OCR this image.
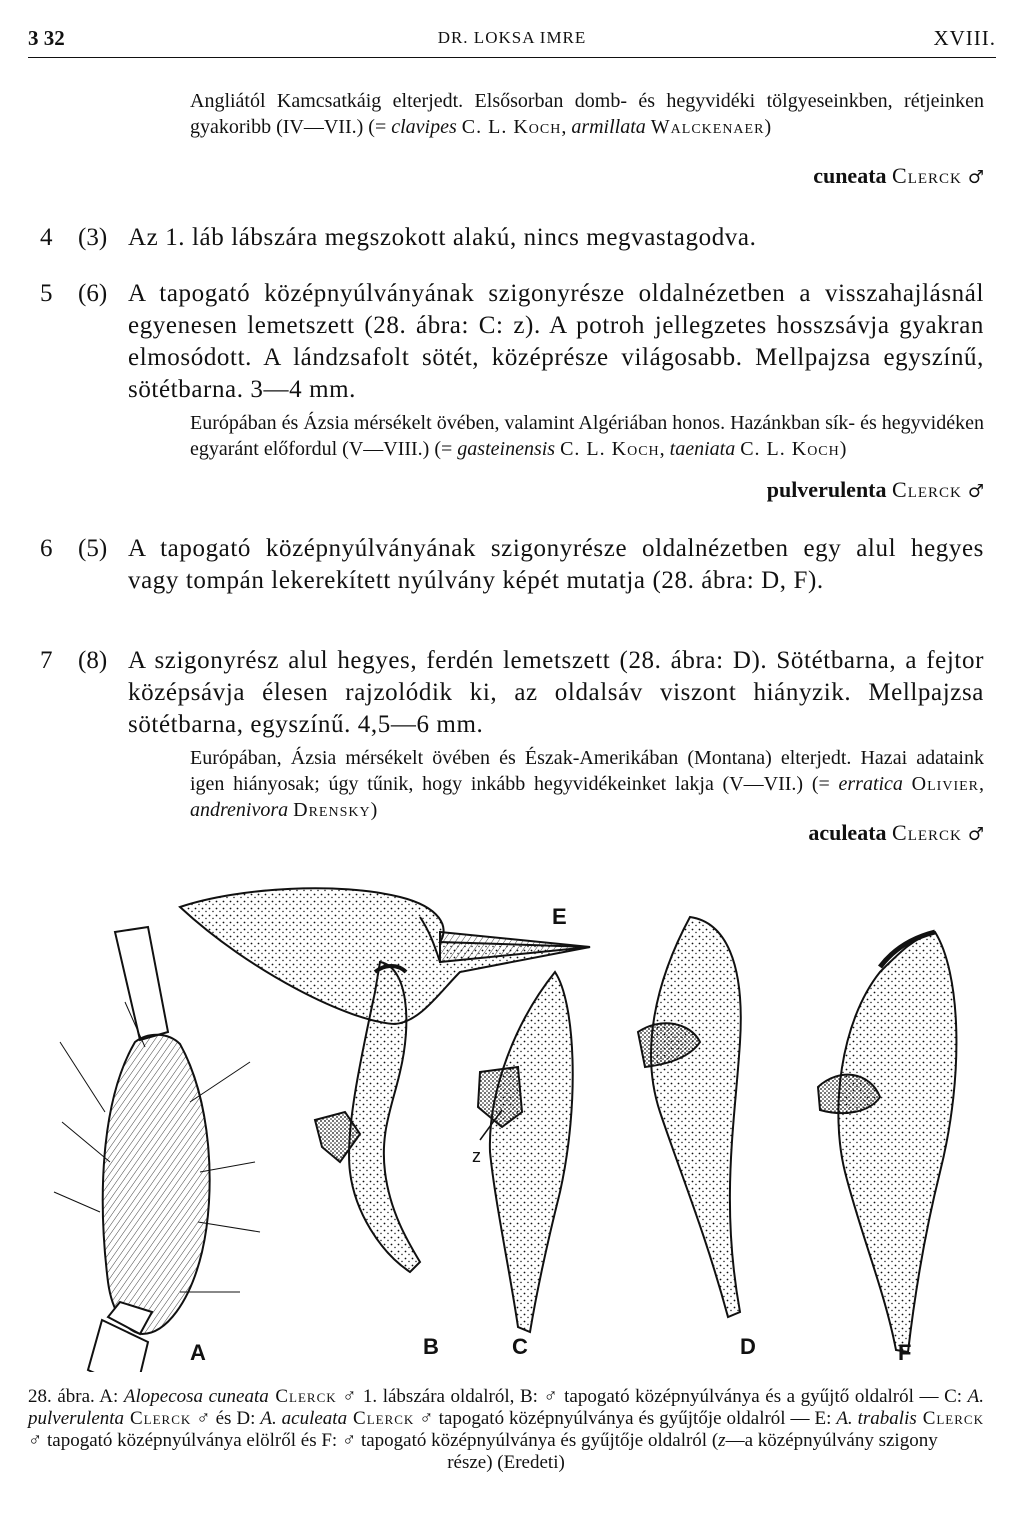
3 32	DR. LOKSA IMRE	XVIII.
Angliától Kamcsatkáig elterjedt. Elsősorban domb- és hegyvidéki tölgyeseinkben, rétjeinken gyakoribb (IV—VII.) (= clavipes C. L. Koch, armillata Walckenaer)
cuneata Clerck ♂
4 (3) Az 1. láb lábszára megszokott alakú, nincs megvastagodva.
5 (6) A tapogató középnyúlványának szigonyrésze oldalnézetben a visszahajlásnál egyenesen lemetszett (28. ábra: C: z). A potroh jellegzetes hosszsávja gyakran elmosódott. A lándzsafolt sötét, középrésze világosabb. Mellpajzsa egyszínű, sötétbarna. 3—4 mm.
Európában és Ázsia mérsékelt övében, valamint Algériában honos. Hazánkban sík- és hegyvidéken egyaránt előfordul (V—VIII.) (= gasteinensis C. L. Koch, taeniata C. L. Koch)
pulverulenta Clerck ♂
6 (5) A tapogató középnyúlványának szigonyrésze oldalnézetben egy alul hegyes vagy tompán lekerekített nyúlvány képét mutatja (28. ábra: D, F).
7 (8) A szigonyrész alul hegyes, ferdén lemetszett (28. ábra: D). Sötétbarna, a fejtor középsávja élesen rajzolódik ki, az oldalsáv viszont hiányzik. Mellpajzsa sötétbarna, egyszínű. 4,5—6 mm.
Európában, Ázsia mérsékelt övében és Észak-Amerikában (Montana) elterjedt. Hazai adataink igen hiányosak; úgy tűnik, hogy inkább hegyvidékeinket lakja (V—VII.) (= erratica Olivier, andrenivora Drensky)
aculeata Clerck ♂
A
E
B
z
C	D	F
28. ábra. A: Alopecosa cuneata Clerck ♂ 1. lábszára oldalról, B: ♂ tapogató középnyúlványa és a gyűjtő oldalról — C: A. pulverulenta Clerck ♂ és D: A. aculeata Clerck ♂ tapogató középnyúlványa és gyűjtője oldalról — E: A. trabalis Clerck ♂ tapogató középnyúlványa elölről és F: ♂ tapogató középnyúlványa és gyűjtője oldalról (z—a középnyúlvány szigony
része) (Eredeti)
